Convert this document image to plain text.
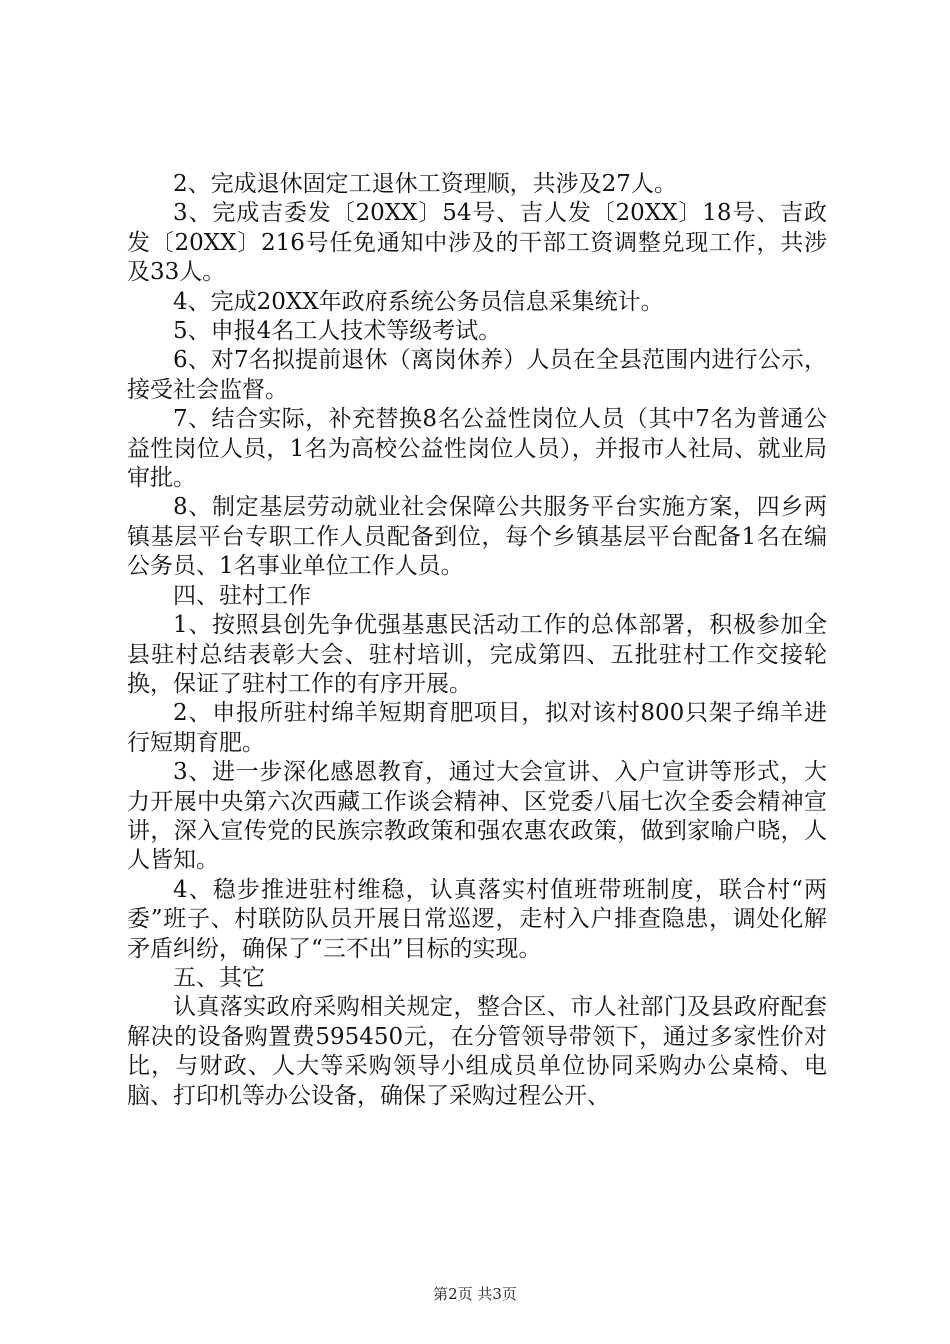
2、完成退休固定工退休工资理顺，共涉及27人。

3、完成吉委发〔20XX〕54号、吉人发〔20XX〕18号、吉政发〔20XX〕216号任免通知中涉及的干部工资调整兑现工作，共涉及33人。

4、完成20XX年政府系统公务员信息采集统计。

5、申报4名工人技术等级考试。

6、对7名拟提前退休（离岗休养）人员在全县范围内进行公示，接受社会监督。

7、结合实际，补充替换8名公益性岗位人员（其中7名为普通公益性岗位人员，1名为高校公益性岗位人员），并报市人社局、就业局审批。

8、制定基层劳动就业社会保障公共服务平台实施方案，四乡两镇基层平台专职工作人员配备到位，每个乡镇基层平台配备1名在编公务员、1名事业单位工作人员。

四、驻村工作

1、按照县创先争优强基惠民活动工作的总体部署，积极参加全县驻村总结表彰大会、驻村培训，完成第四、五批驻村工作交接轮换，保证了驻村工作的有序开展。

2、申报所驻村绵羊短期育肥项目，拟对该村800只架子绵羊进行短期育肥。

3、进一步深化感恩教育，通过大会宣讲、入户宣讲等形式，大力开展中央第六次西藏工作谈会精神、区党委八届七次全委会精神宣讲，深入宣传党的民族宗教政策和强农惠农政策，做到家喻户晓，人人皆知。

4、稳步推进驻村维稳，认真落实村值班带班制度，联合村“两委”班子、村联防队员开展日常巡逻，走村入户排查隐患，调处化解矛盾纠纷，确保了“三不出”目标的实现。

五、其它

认真落实政府采购相关规定，整合区、市人社部门及县政府配套解决的设备购置费595450元，在分管领导带领下，通过多家性价对比，与财政、人大等采购领导小组成员单位协同采购办公桌椅、电脑、打印机等办公设备，确保了采购过程公开、

第2页 共3页
